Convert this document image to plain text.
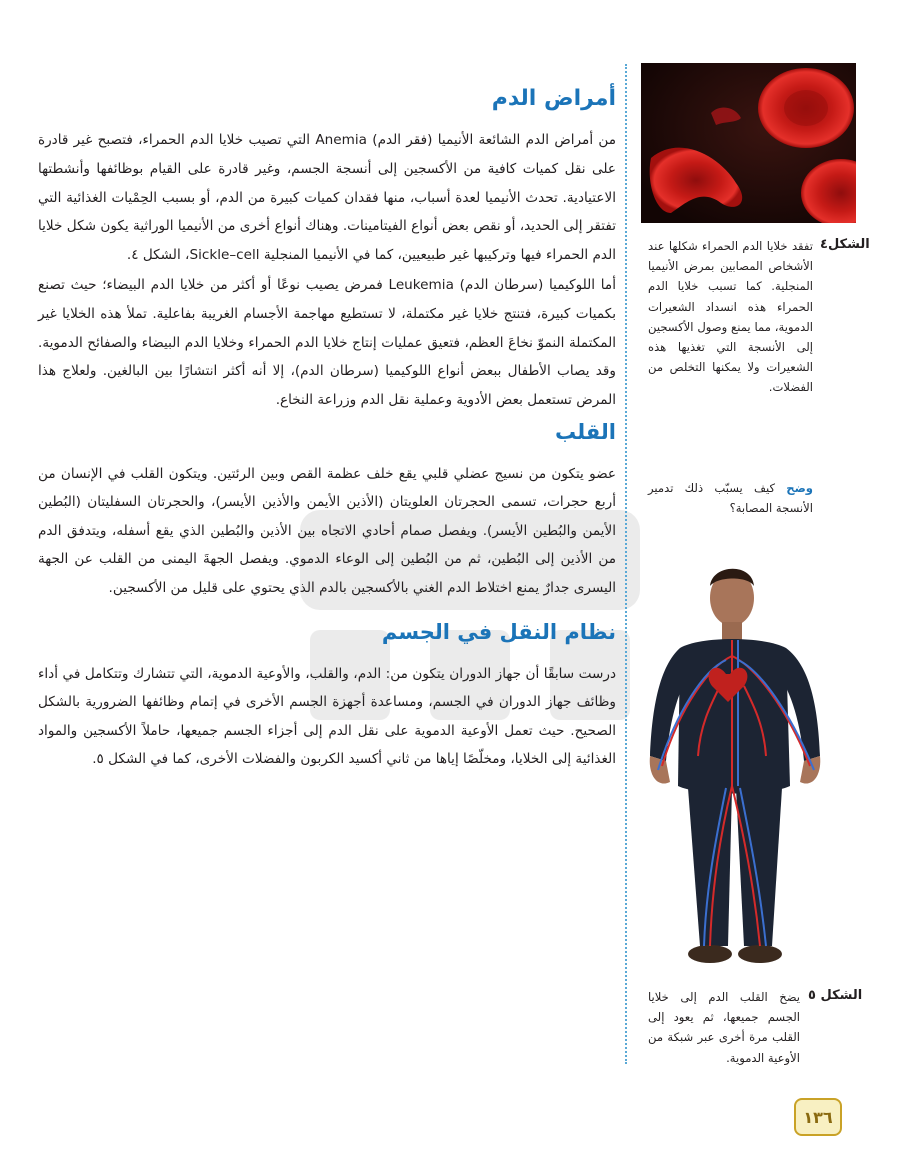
أمراض الدم

من أمراض الدم الشائعة الأنيميا (فقر الدم) Anemia التي تصيب خلايا الدم الحمراء، فتصبح غير قادرة على نقل كميات كافية من الأكسجين إلى أنسجة الجسم، وغير قادرة على القيام بوظائفها وأنشطتها الاعتيادية. تحدث الأنيميا لعدة أسباب، منها فقدان كميات كبيرة من الدم، أو بسبب الحِمْيات الغذائية التي تفتقر إلى الحديد، أو نقص بعض أنواع الفيتامينات. وهناك أنواع أخرى من الأنيميا الوراثية يكون شكل خلايا الدم الحمراء فيها وتركيبها غير طبيعيين، كما في الأنيميا المنجلية Sickle–cell، الشكل ٤.

أما اللوكيميا (سرطان الدم) Leukemia فمرض يصيب نوعًا أو أكثر من خلايا الدم البيضاء؛ حيث تصنع بكميات كبيرة، فتنتج خلايا غير مكتملة، لا تستطيع مهاجمة الأجسام الغريبة بفاعلية. تملأ هذه الخلايا غير المكتملة النموّ نخاعَ العظم، فتعيق عمليات إنتاج خلايا الدم الحمراء وخلايا الدم البيضاء والصفائح الدموية. وقد يصاب الأطفال ببعض أنواع اللوكيميا (سرطان الدم)، إلا أنه أكثر انتشارًا بين البالغين. ولعلاج هذا المرض تستعمل بعض الأدوية وعملية نقل الدم وزراعة النخاع.

القلب

عضو يتكون من نسيج عضلي قلبي يقع خلف عظمة القص وبين الرئتين. ويتكون القلب في الإنسان من أربع حجرات، تسمى الحجرتان العلويتان (الأذين الأيمن والأذين الأيسر)، والحجرتان السفليتان (البُطين الأيمن والبُطين الأيسر). ويفصل صمام أحادي الاتجاه بين الأذين والبُطين الذي يقع أسفله، ويتدفق الدم من الأذين إلى البُطين، ثم من البُطين إلى الوعاء الدموي. ويفصل الجهةَ اليمنى من القلب عن الجهة اليسرى جدارٌ يمنع اختلاط الدم الغني بالأكسجين بالدم الذي يحتوي على قليل من الأكسجين.

نظام النقل في الجسم

درست سابقًا أن جهاز الدوران يتكون من: الدم، والقلب، والأوعية الدموية، التي تتشارك وتتكامل في أداء وظائف جهاز الدوران في الجسم، ومساعدة أجهزة الجسم الأخرى في إتمام وظائفها الضرورية بالشكل الصحيح. حيث تعمل الأوعية الدموية على نقل الدم إلى أجزاء الجسم جميعها، حاملاً الأكسجين والمواد الغذائية إلى الخلايا، ومخلّصًا إياها من ثاني أكسيد الكربون والفضلات الأخرى، كما في الشكل ٥.

الشكل٤
تفقد خلايا الدم الحمراء شكلها عند الأشخاص المصابين بمرض الأنيميا المنجلية. كما تسبب خلايا الدم الحمراء هذه انسداد الشعيرات الدموية، مما يمنع وصول الأكسجين إلى الأنسجة التي تغذيها هذه الشعيرات ولا يمكنها التخلص من الفضلات.
وضح كيف يسبّب ذلك تدمير الأنسجة المصابة؟
الشكل ٥
يضخ القلب الدم إلى خلايا الجسم جميعها، ثم يعود إلى القلب مرة أخرى عبر شبكة من الأوعية الدموية.
١٣٦
